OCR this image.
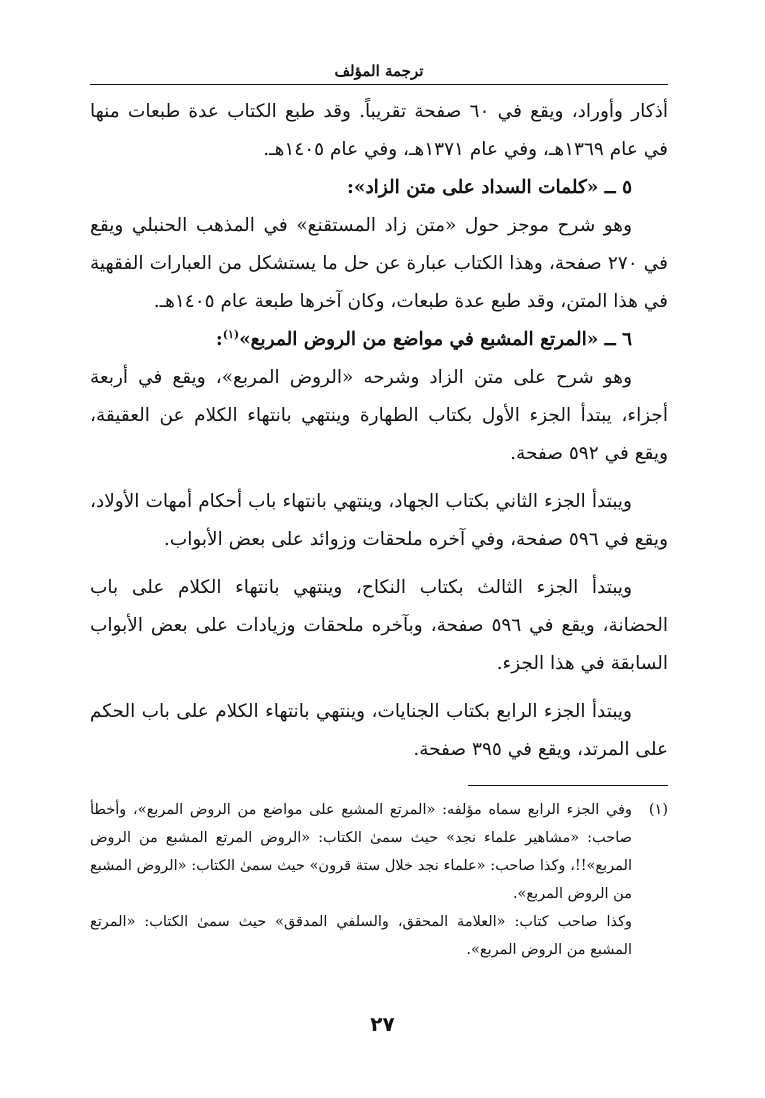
ترجمة المؤلف

أذكار وأوراد، ويقع في ٦٠ صفحة تقريباً. وقد طبع الكتاب عدة طبعات منها في عام ١٣٦٩هـ، وفي عام ١٣٧١هـ، وفي عام ١٤٠٥هـ.

٥ ــ «كلمات السداد على متن الزاد»:

وهو شرح موجز حول «متن زاد المستقنع» في المذهب الحنبلي ويقع في ٢٧٠ صفحة، وهذا الكتاب عبارة عن حل ما يستشكل من العبارات الفقهية في هذا المتن، وقد طبع عدة طبعات، وكان آخرها طبعة عام ١٤٠٥هـ.

٦ ــ «المرتع المشبع في مواضع من الروض المربع»$^{(١)}$:

وهو شرح على متن الزاد وشرحه «الروض المربع»، ويقع في أربعة أجزاء، يبتدأ الجزء الأول بكتاب الطهارة وينتهي بانتهاء الكلام عن العقيقة، ويقع في ٥٩٢ صفحة.

ويبتدأ الجزء الثاني بكتاب الجهاد، وينتهي بانتهاء باب أحكام أمهات الأولاد، ويقع في ٥٩٦ صفحة، وفي آخره ملحقات وزوائد على بعض الأبواب.

ويبتدأ الجزء الثالث بكتاب النكاح، وينتهي بانتهاء الكلام على باب الحضانة، ويقع في ٥٩٦ صفحة، وبآخره ملحقات وزيادات على بعض الأبواب السابقة في هذا الجزء.

ويبتدأ الجزء الرابع بكتاب الجنايات، وينتهي بانتهاء الكلام على باب الحكم على المرتد، ويقع في ٣٩٥ صفحة.

(١)

وفي الجزء الرابع سماه مؤلفه: «المرتع المشبع على مواضع من الروض المربع»، وأخطأ صاحب: «مشاهير علماء نجد» حيث سمىٰ الكتاب: «الروض المرتع المشبع من الروض المربع»!!، وكذا صاحب: «علماء نجد خلال ستة قرون» حيث سمىٰ الكتاب: «الروض المشبع من الروض المربع».

وكذا صاحب كتاب: «العلامة المحقق، والسلفي المدقق» حيث سمىٰ الكتاب: «المرتع المشبع من الروض المربع».

٢٧
